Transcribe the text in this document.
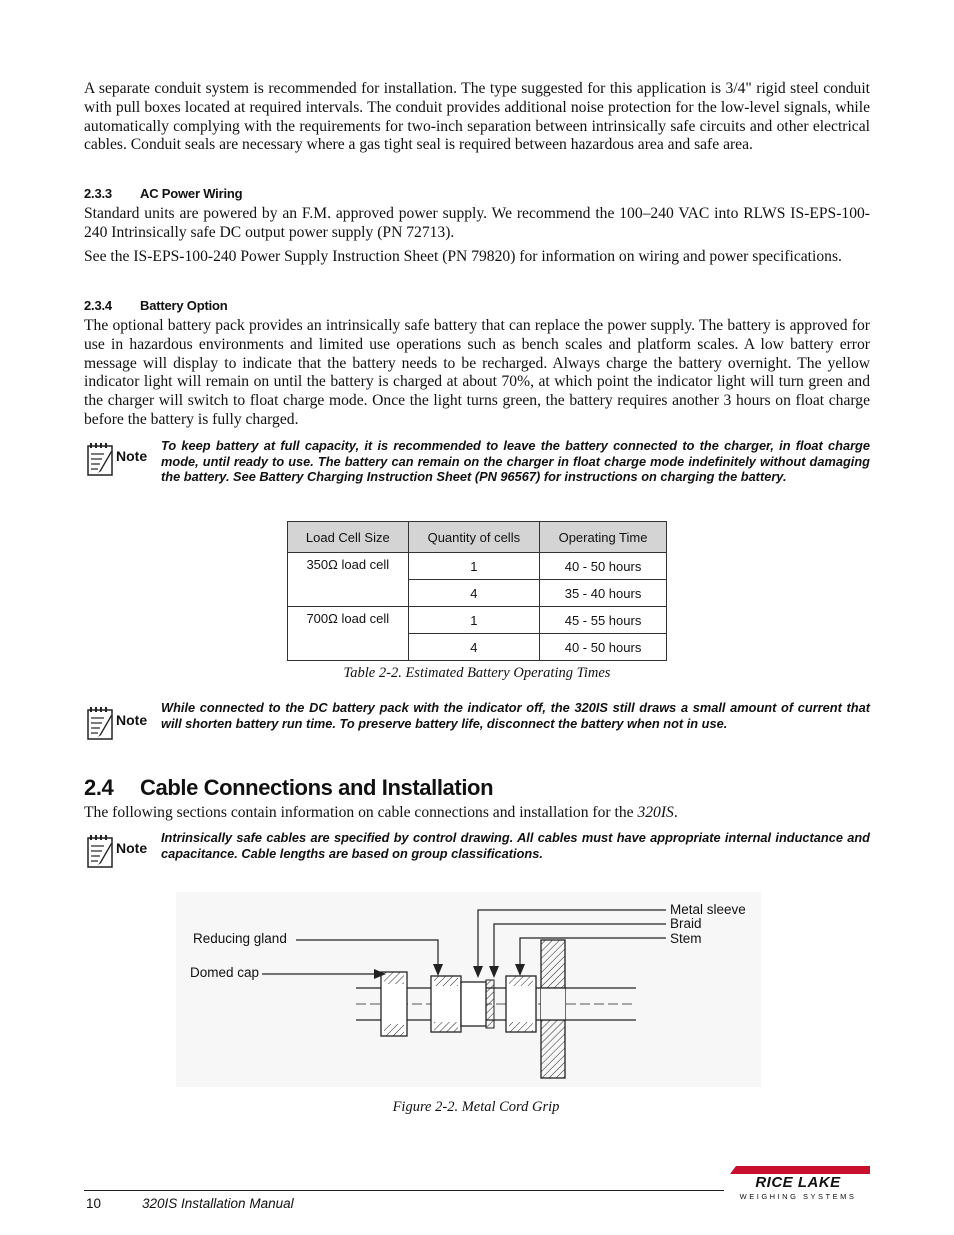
A separate conduit system is recommended for installation. The type suggested for this application is 3/4" rigid steel conduit with pull boxes located at required intervals. The conduit provides additional noise protection for the low-level signals, while automatically complying with the requirements for two-inch separation between intrinsically safe circuits and other electrical cables. Conduit seals are necessary where a gas tight seal is required between hazardous area and safe area.

2.3.3 AC Power Wiring

Standard units are powered by an F.M. approved power supply. We recommend the 100–240 VAC into RLWS IS-EPS-100-240 Intrinsically safe DC output power supply (PN 72713).

See the IS-EPS-100-240 Power Supply Instruction Sheet (PN 79820) for information on wiring and power specifications.

2.3.4 Battery Option

The optional battery pack provides an intrinsically safe battery that can replace the power supply. The battery is approved for use in hazardous environments and limited use operations such as bench scales and platform scales. A low battery error message will display to indicate that the battery needs to be recharged. Always charge the battery overnight. The yellow indicator light will remain on until the battery is charged at about 70%, at which point the indicator light will turn green and the charger will switch to float charge mode. Once the light turns green, the battery requires another 3 hours on float charge before the battery is fully charged.

Note

To keep battery at full capacity, it is recommended to leave the battery connected to the charger, in float charge mode, until ready to use. The battery can remain on the charger in float charge mode indefinitely without damaging the battery. See Battery Charging Instruction Sheet (PN 96567) for instructions on charging the battery.

Load Cell Size	Quantity of cells	Operating Time
350Ω load cell	1	40 - 50 hours
	4	35 - 40 hours
700Ω load cell	1	45 - 55 hours
	4	40 - 50 hours

Table 2-2. Estimated Battery Operating Times

Note

While connected to the DC battery pack with the indicator off, the 320IS still draws a small amount of current that will shorten battery run time. To preserve battery life, disconnect the battery when not in use.

2.4 Cable Connections and Installation

The following sections contain information on cable connections and installation for the 320IS.

Note

Intrinsically safe cables are specified by control drawing. All cables must have appropriate internal inductance and capacitance. Cable lengths are based on group classifications.

Reducing gland
Domed cap
Metal sleeve
Braid
Stem

Figure 2-2. Metal Cord Grip

10	320IS Installation Manual
RICE LAKE
WEIGHING SYSTEMS
